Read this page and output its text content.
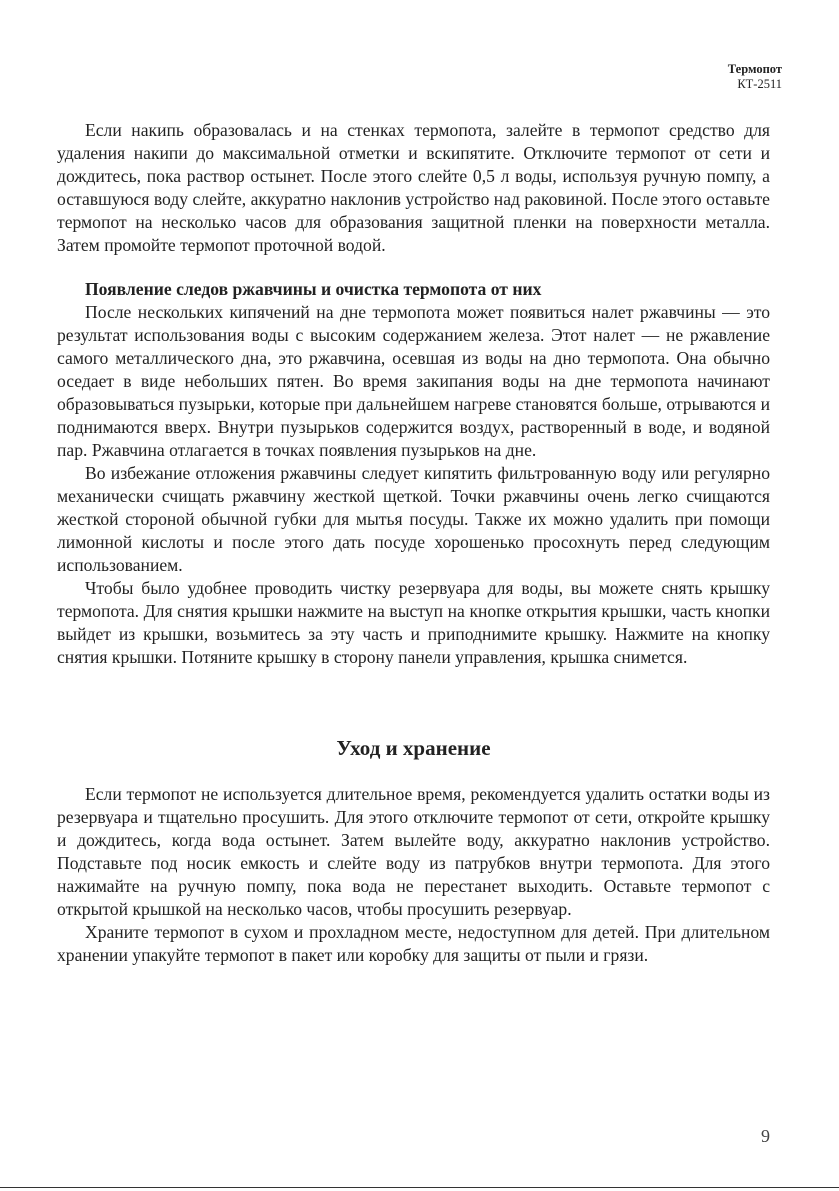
Термопот
КТ-2511

Если накипь образовалась и на стенках термопота, залейте в термопот средство для удаления накипи до максимальной отметки и вскипятите. Отключите термопот от сети и дождитесь, пока раствор остынет. После этого слейте 0,5 л воды, используя ручную помпу, а оставшуюся воду слейте, аккуратно наклонив устройство над раковиной. После этого оставьте термопот на несколько часов для образования защитной пленки на поверхности металла. Затем промойте термопот проточной водой.

Появление следов ржавчины и очистка термопота от них

После нескольких кипячений на дне термопота может появиться налет ржавчины — это результат использования воды с высоким содержанием железа. Этот налет — не ржавление самого металлического дна, это ржавчина, осевшая из воды на дно термопота. Она обычно оседает в виде небольших пятен. Во время закипания воды на дне термопота начинают образовываться пузырьки, которые при дальнейшем нагреве становятся больше, отрываются и поднимаются вверх. Внутри пузырьков содержится воздух, растворенный в воде, и водяной пар. Ржавчина отлагается в точках появления пузырьков на дне.

Во избежание отложения ржавчины следует кипятить фильтрованную воду или регулярно механически счищать ржавчину жесткой щеткой. Точки ржавчины очень легко счищаются жесткой стороной обычной губки для мытья посуды. Также их можно удалить при помощи лимонной кислоты и после этого дать посуде хорошенько просохнуть перед следующим использованием.

Чтобы было удобнее проводить чистку резервуара для воды, вы можете снять крышку термопота. Для снятия крышки нажмите на выступ на кнопке открытия крышки, часть кнопки выйдет из крышки, возьмитесь за эту часть и приподнимите крышку. Нажмите на кнопку снятия крышки. Потяните крышку в сторону панели управления, крышка снимется.

Уход и хранение

Если термопот не используется длительное время, рекомендуется удалить остатки воды из резервуара и тщательно просушить. Для этого отключите термопот от сети, откройте крышку и дождитесь, когда вода остынет. Затем вылейте воду, аккуратно наклонив устройство. Подставьте под носик емкость и слейте воду из патрубков внутри термопота. Для этого нажимайте на ручную помпу, пока вода не перестанет выходить. Оставьте термопот с открытой крышкой на несколько часов, чтобы просушить резервуар.

Храните термопот в сухом и прохладном месте, недоступном для детей. При длительном хранении упакуйте термопот в пакет или коробку для защиты от пыли и грязи.

9
